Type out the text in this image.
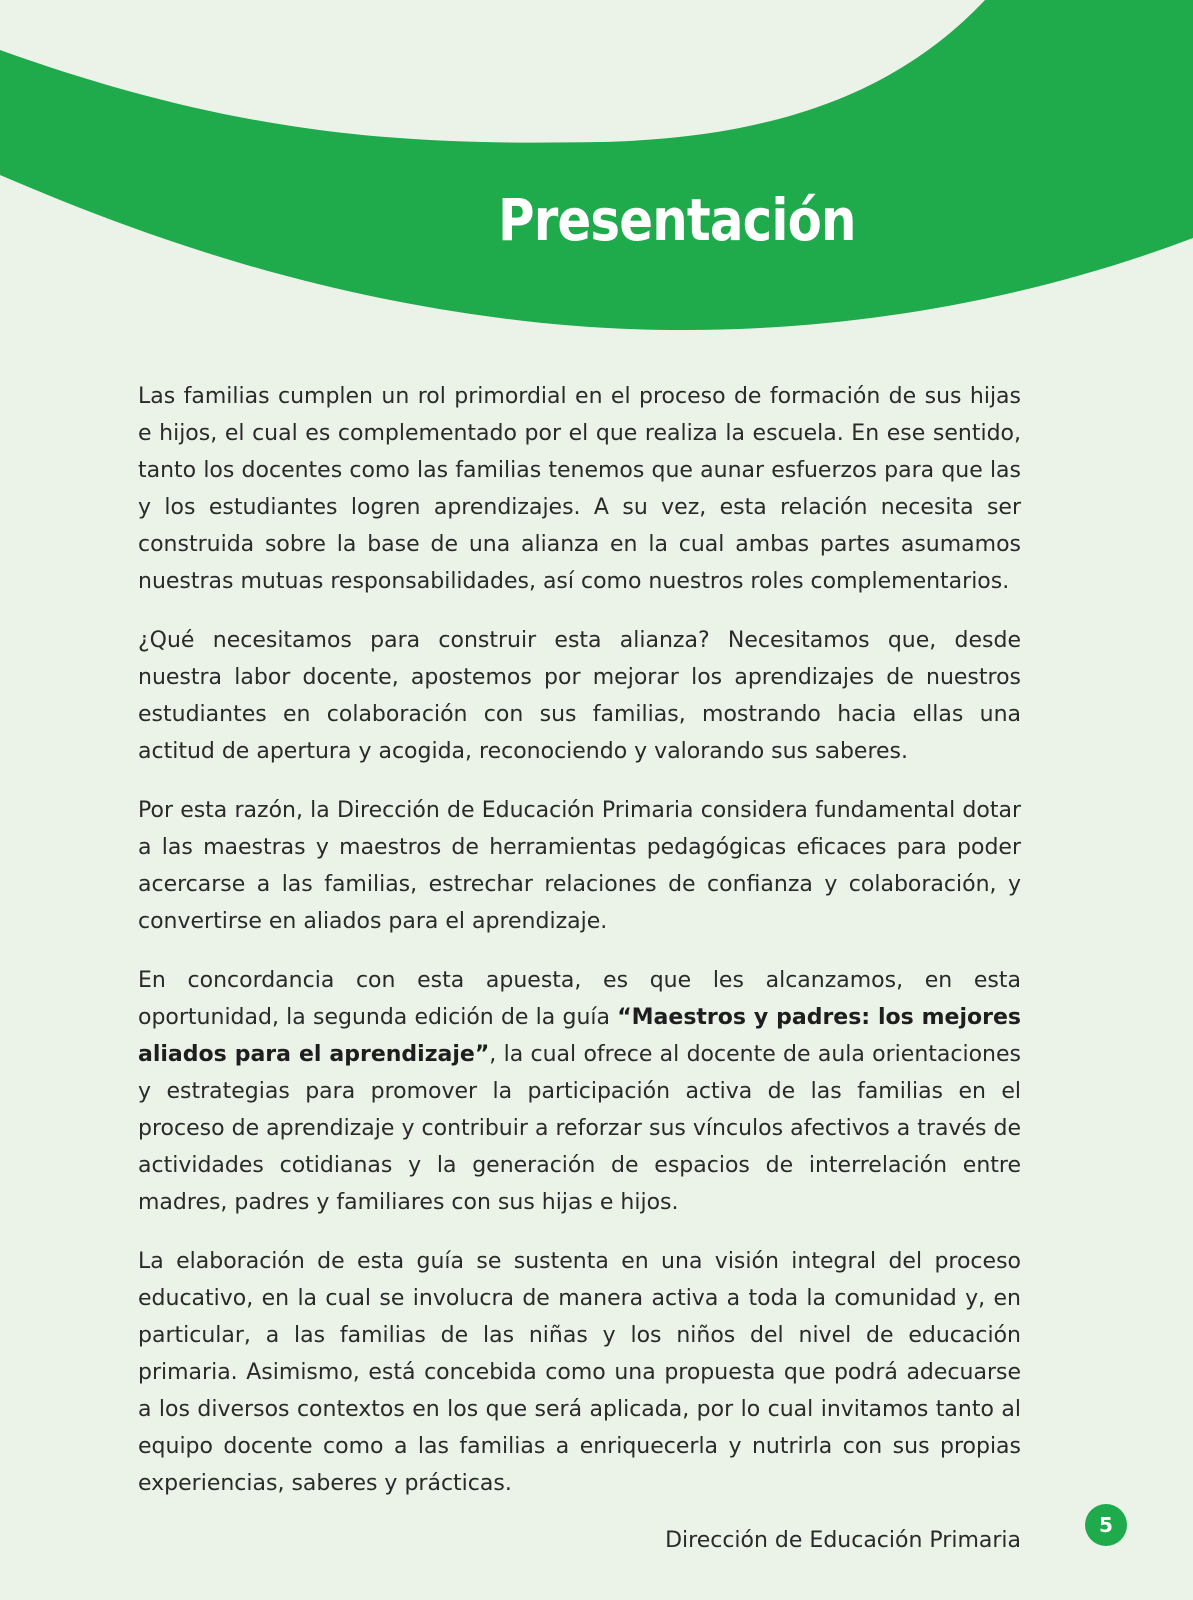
Presentación

Las familias cumplen un rol primordial en el proceso de formación de sus hijas e hijos, el cual es complementado por el que realiza la escuela. En ese sentido, tanto los docentes como las familias tenemos que aunar esfuerzos para que las y los estudiantes logren aprendizajes. A su vez, esta relación necesita ser construida sobre la base de una alianza en la cual ambas partes asumamos nuestras mutuas responsabilidades, así como nuestros roles complementarios.

¿Qué necesitamos para construir esta alianza? Necesitamos que, desde nuestra labor docente, apostemos por mejorar los aprendizajes de nuestros estudiantes en colaboración con sus familias, mostrando hacia ellas una actitud de apertura y acogida, reconociendo y valorando sus saberes.

Por esta razón, la Dirección de Educación Primaria considera fundamental dotar a las maestras y maestros de herramientas pedagógicas eficaces para poder acercarse a las familias, estrechar relaciones de confianza y colaboración, y convertirse en aliados para el aprendizaje.

En concordancia con esta apuesta, es que les alcanzamos, en esta oportunidad, la segunda edición de la guía “Maestros y padres: los mejores aliados para el aprendizaje”, la cual ofrece al docente de aula orientaciones y estrategias para promover la participación activa de las familias en el proceso de aprendizaje y contribuir a reforzar sus vínculos afectivos a través de actividades cotidianas y la generación de espacios de interrelación entre madres, padres y familiares con sus hijas e hijos.

La elaboración de esta guía se sustenta en una visión integral del proceso educativo, en la cual se involucra de manera activa a toda la comunidad y, en particular, a las familias de las niñas y los niños del nivel de educación primaria. Asimismo, está concebida como una propuesta que podrá adecuarse a los diversos contextos en los que será aplicada, por lo cual invitamos tanto al equipo docente como a las familias a enriquecerla y nutrirla con sus propias experiencias, saberes y prácticas.

Dirección de Educación Primaria

5
